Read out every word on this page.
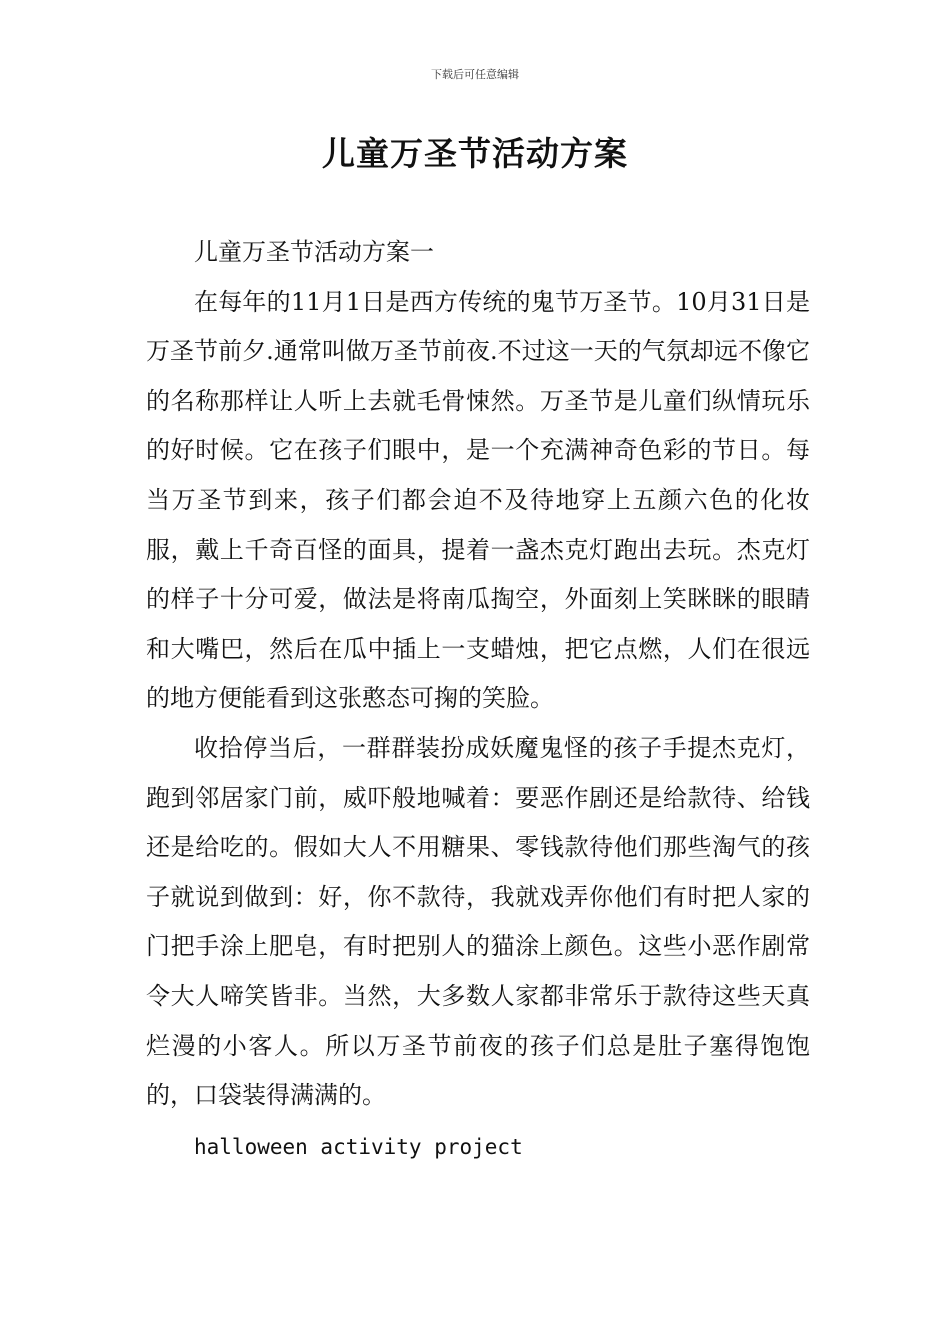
下载后可任意编辑
儿童万圣节活动方案

儿童万圣节活动方案一

在每年的11月1日是西方传统的鬼节万圣节。10月31日是万圣节前夕.通常叫做万圣节前夜.不过这一天的气氛却远不像它的名称那样让人听上去就毛骨悚然。万圣节是儿童们纵情玩乐的好时候。它在孩子们眼中，是一个充满神奇色彩的节日。每当万圣节到来，孩子们都会迫不及待地穿上五颜六色的化妆服，戴上千奇百怪的面具，提着一盏杰克灯跑出去玩。杰克灯的样子十分可爱，做法是将南瓜掏空，外面刻上笑眯眯的眼睛和大嘴巴，然后在瓜中插上一支蜡烛，把它点燃，人们在很远的地方便能看到这张憨态可掬的笑脸。

收拾停当后，一群群装扮成妖魔鬼怪的孩子手提杰克灯，跑到邻居家门前，威吓般地喊着：要恶作剧还是给款待、给钱还是给吃的。假如大人不用糖果、零钱款待他们那些淘气的孩子就说到做到：好，你不款待，我就戏弄你他们有时把人家的门把手涂上肥皂，有时把别人的猫涂上颜色。这些小恶作剧常令大人啼笑皆非。当然，大多数人家都非常乐于款待这些天真烂漫的小客人。所以万圣节前夜的孩子们总是肚子塞得饱饱的，口袋装得满满的。

halloween activity project
